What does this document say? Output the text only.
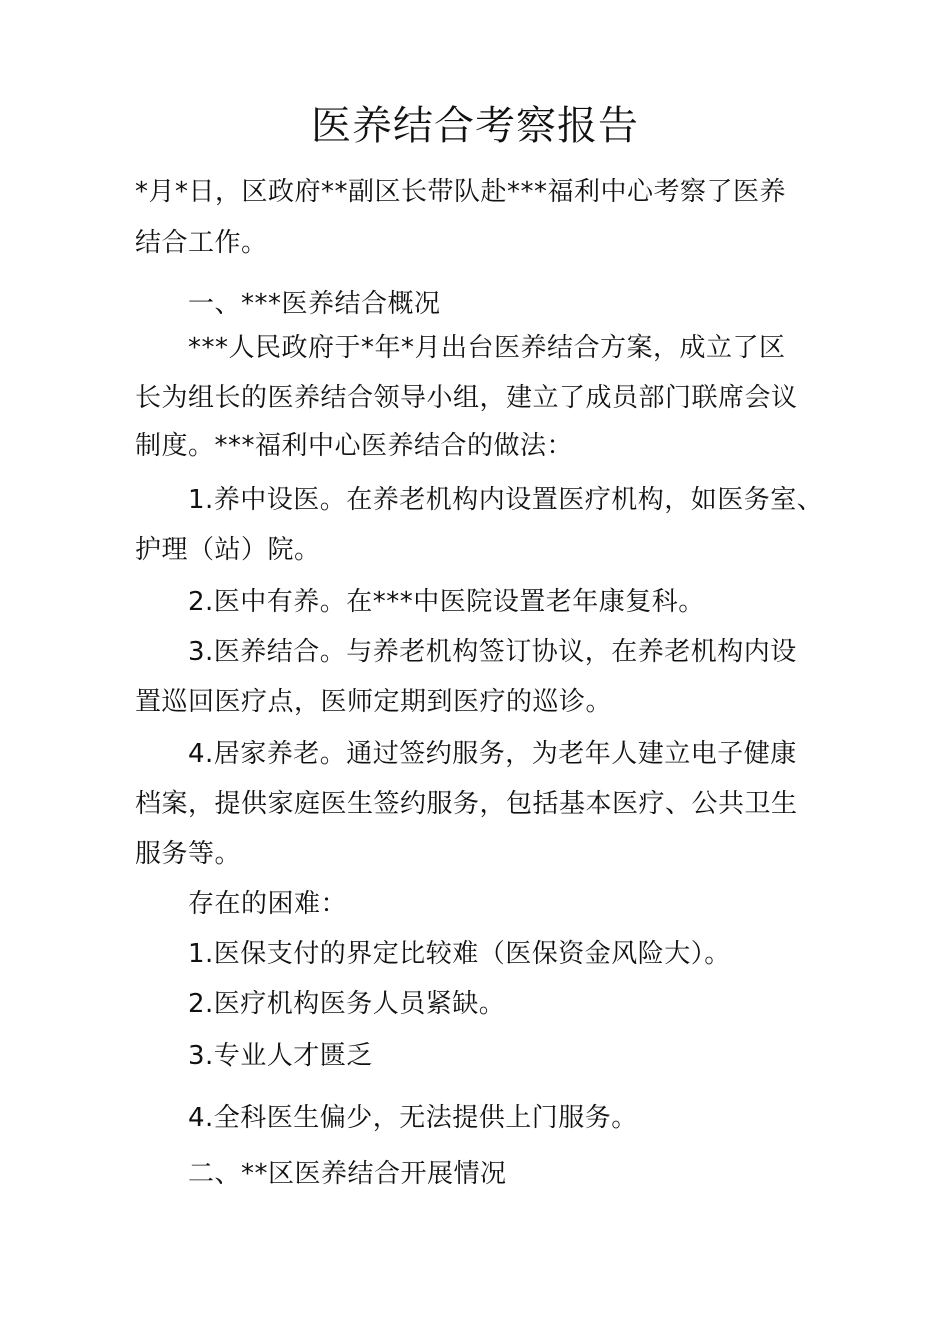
医养结合考察报告
*月*日，区政府**副区长带队赴***福利中心考察了医养
结合工作。
一、***医养结合概况
***人民政府于*年*月出台医养结合方案，成立了区
长为组长的医养结合领导小组，建立了成员部门联席会议
制度。***福利中心医养结合的做法：
1.养中设医。在养老机构内设置医疗机构，如医务室、
护理（站）院。
2.医中有养。在***中医院设置老年康复科。
3.医养结合。与养老机构签订协议，在养老机构内设
置巡回医疗点，医师定期到医疗的巡诊。
4.居家养老。通过签约服务，为老年人建立电子健康
档案，提供家庭医生签约服务，包括基本医疗、公共卫生
服务等。
存在的困难：
1.医保支付的界定比较难（医保资金风险大）。
2.医疗机构医务人员紧缺。
3.专业人才匮乏
4.全科医生偏少，无法提供上门服务。
二、**区医养结合开展情况
